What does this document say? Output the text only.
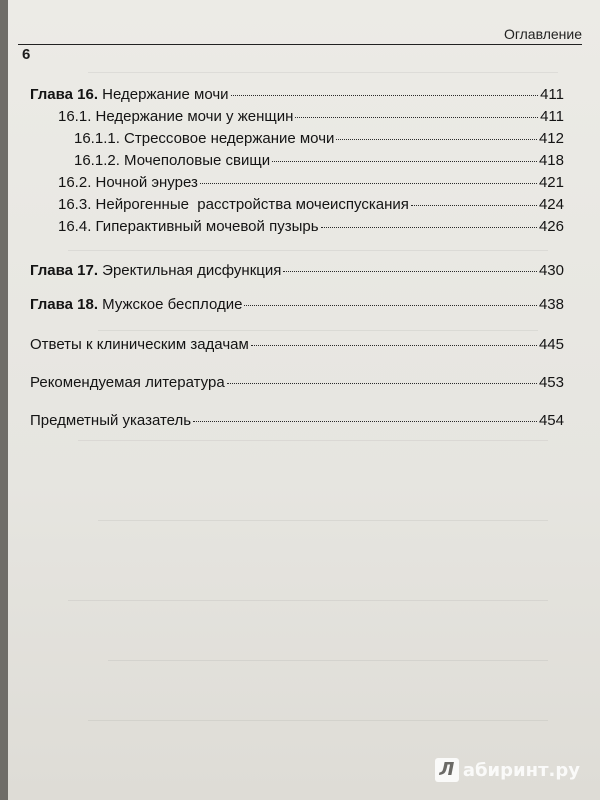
Оглавление
6
Глава 16. Недержание мочи	411
16.1. Недержание мочи у женщин	411
16.1.1. Стрессовое недержание мочи	412
16.1.2. Мочеполовые свищи	418
16.2. Ночной энурез	421
16.3. Нейрогенные  расстройства мочеиспускания	424
16.4. Гиперактивный мочевой пузырь	426
Глава 17. Эректильная дисфункция	430
Глава 18. Мужское бесплодие	438
Ответы к клиническим задачам	445
Рекомендуемая литература	453
Предметный указатель	454
Л абиринт.ру
